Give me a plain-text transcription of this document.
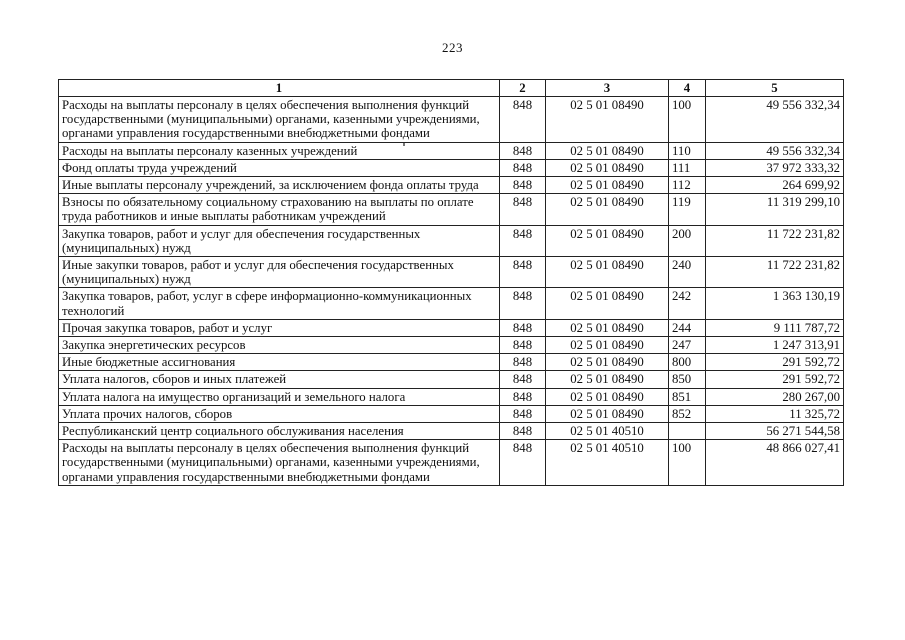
223
1	2	3	4	5
Расходы на выплаты персоналу в целях обеспечения выполнения функций государственными (муниципальными) органами, казенными учреждениями, органами управления государственными внебюджетными фондами	848	02 5 01 08490	100	49 556 332,34
Расходы на выплаты персоналу казенных учреждений	848	02 5 01 08490	110	49 556 332,34
Фонд оплаты труда учреждений	848	02 5 01 08490	111	37 972 333,32
Иные выплаты персоналу учреждений, за исключением фонда оплаты труда	848	02 5 01 08490	112	264 699,92
Взносы по обязательному социальному страхованию на выплаты по оплате труда работников и иные выплаты работникам учреждений	848	02 5 01 08490	119	11 319 299,10
Закупка товаров, работ и услуг для обеспечения государственных (муниципальных) нужд	848	02 5 01 08490	200	11 722 231,82
Иные закупки товаров, работ и услуг для обеспечения государственных (муниципальных) нужд	848	02 5 01 08490	240	11 722 231,82
Закупка товаров, работ, услуг в сфере информационно-коммуникационных технологий	848	02 5 01 08490	242	1 363 130,19
Прочая закупка товаров, работ и услуг	848	02 5 01 08490	244	9 111 787,72
Закупка энергетических ресурсов	848	02 5 01 08490	247	1 247 313,91
Иные бюджетные ассигнования	848	02 5 01 08490	800	291 592,72
Уплата налогов, сборов и иных платежей	848	02 5 01 08490	850	291 592,72
Уплата налога на имущество организаций и земельного налога	848	02 5 01 08490	851	280 267,00
Уплата прочих налогов, сборов	848	02 5 01 08490	852	11 325,72
Республиканский центр социального обслуживания населения	848	02 5 01 40510		56 271 544,58
Расходы на выплаты персоналу в целях обеспечения выполнения функций государственными (муниципальными) органами, казенными учреждениями, органами управления государственными внебюджетными фондами	848	02 5 01 40510	100	48 866 027,41
